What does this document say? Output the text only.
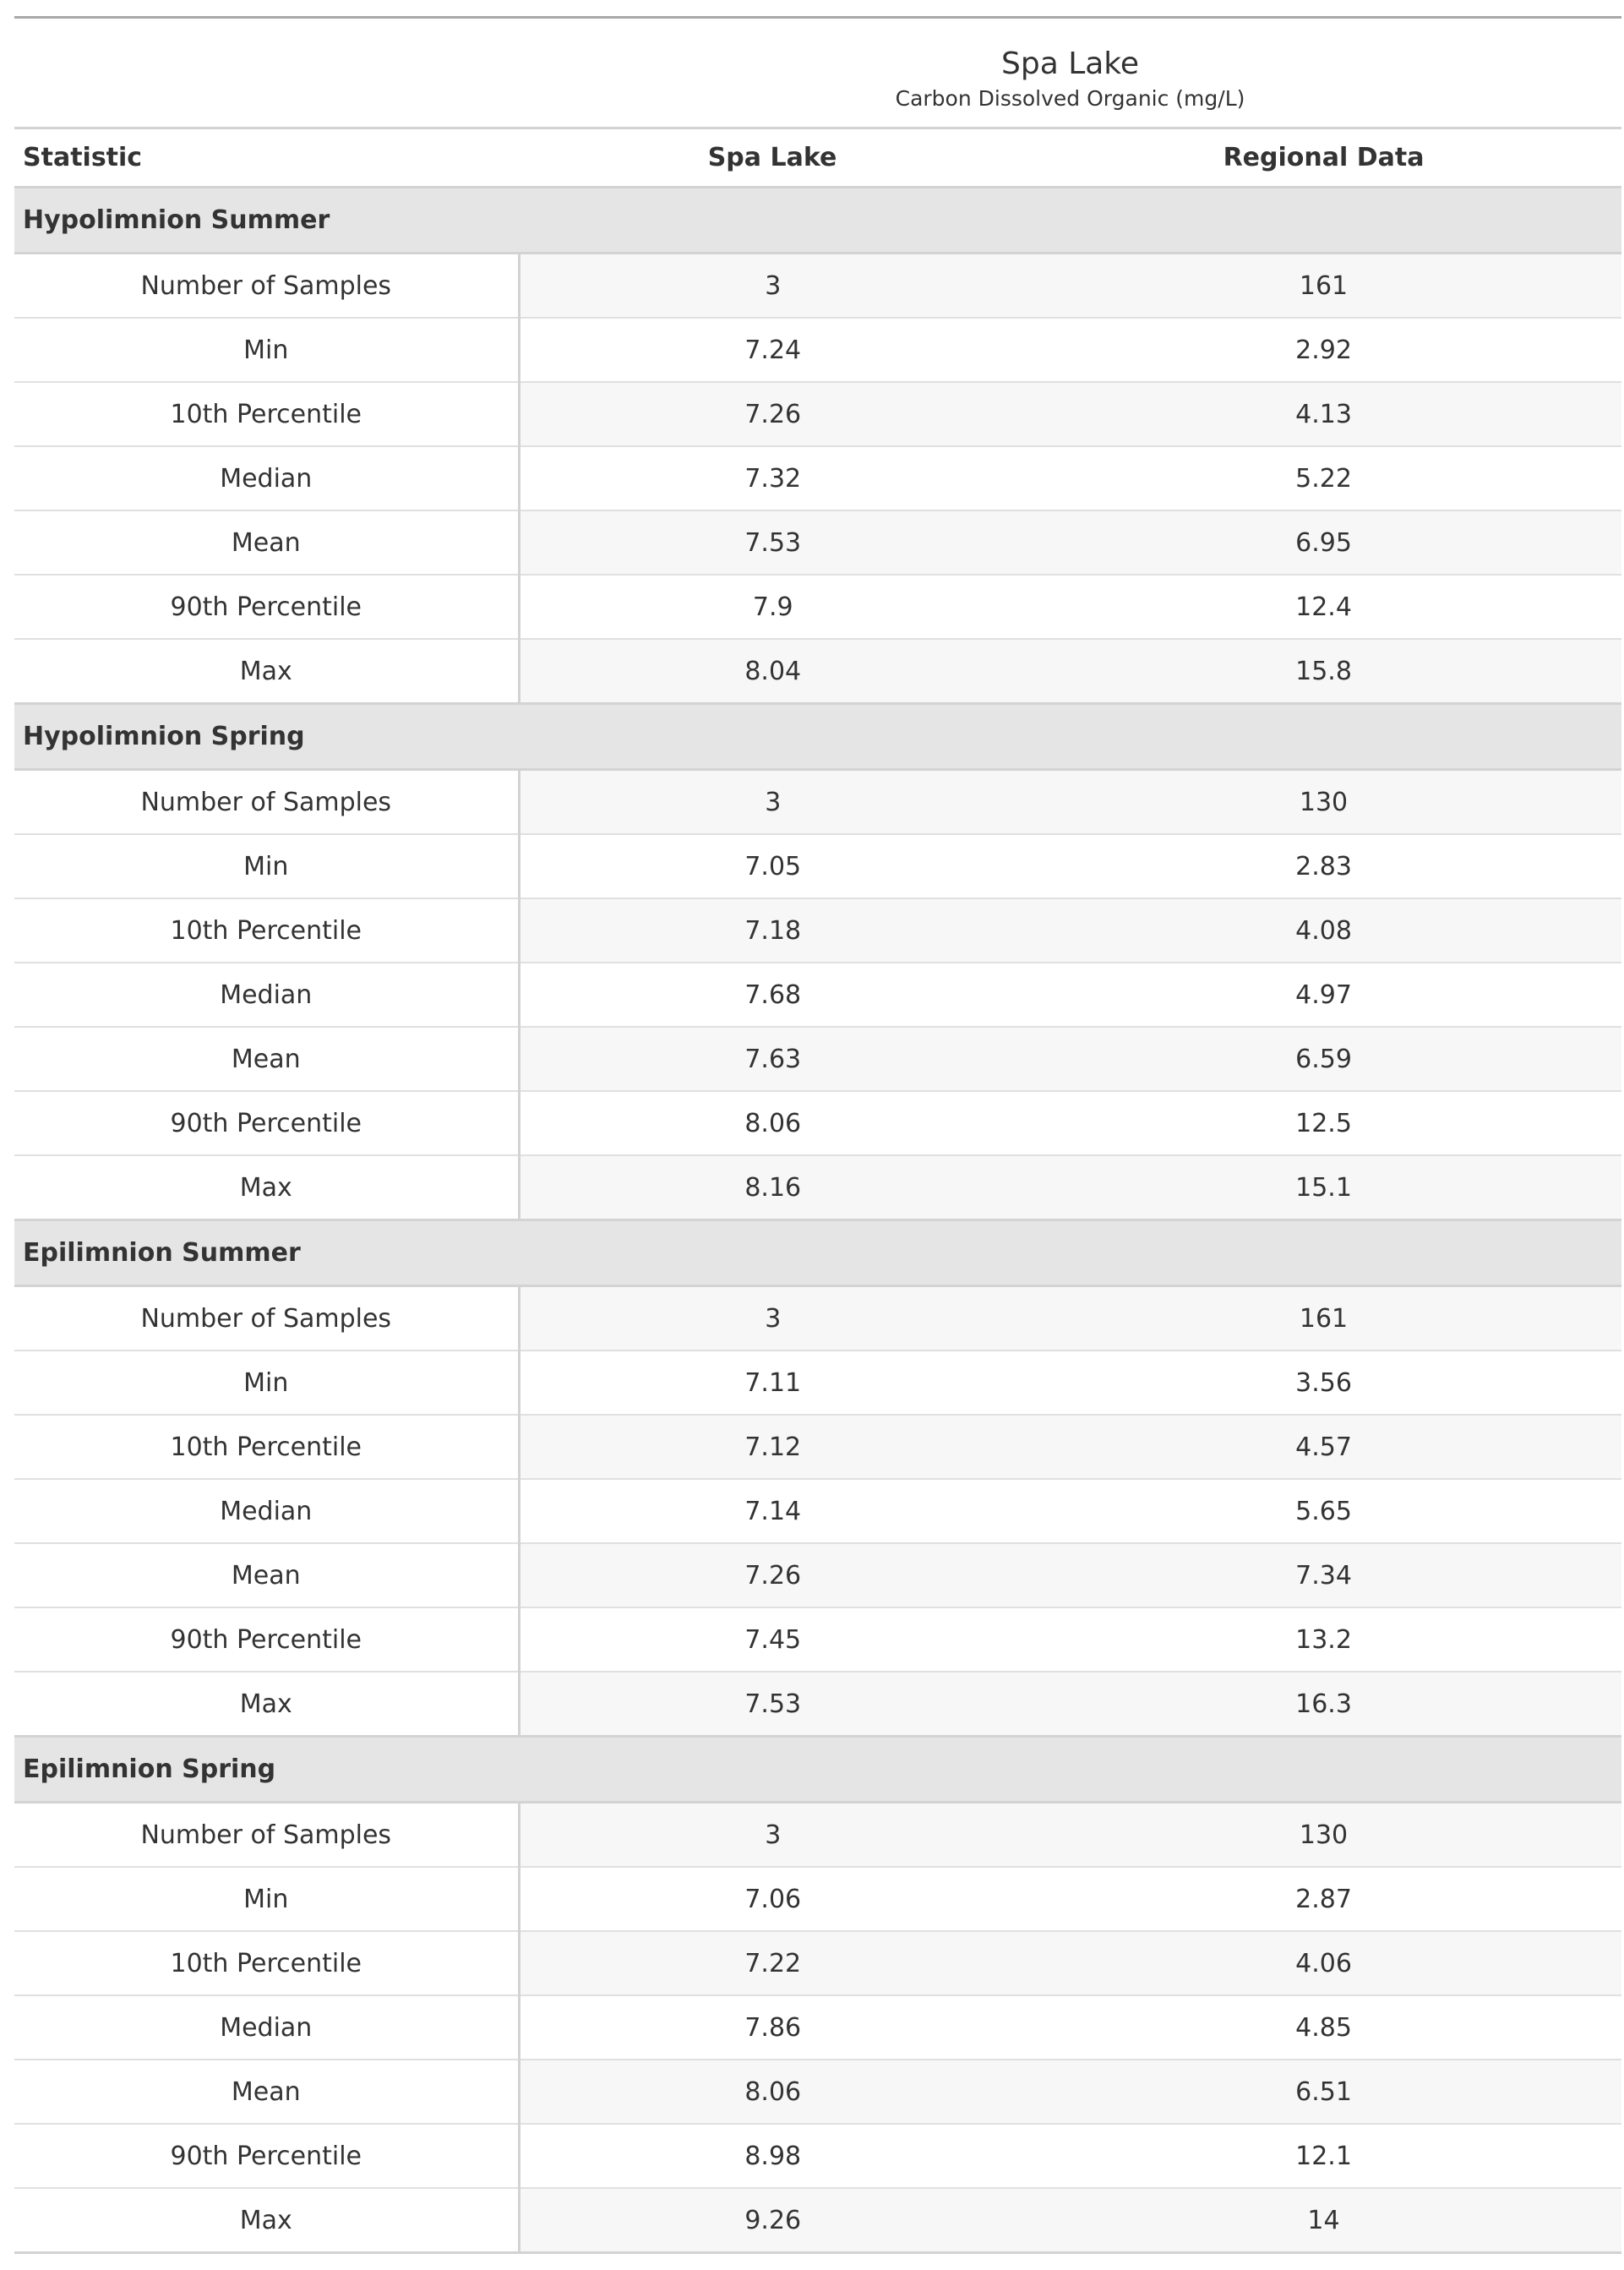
Spa Lake		

Carbon Dissolved Organic (mg/L)		

Statistic	Spa Lake	Regional Data
Hypolimnion Summer		
Number of Samples	3	161
Min	7.24	2.92
10th Percentile	7.26	4.13
Median	7.32	5.22
Mean	7.53	6.95
90th Percentile	7.9	12.4
Max	8.04	15.8
Hypolimnion Spring		
Number of Samples	3	130
Min	7.05	2.83
10th Percentile	7.18	4.08
Median	7.68	4.97
Mean	7.63	6.59
90th Percentile	8.06	12.5
Max	8.16	15.1
Epilimnion Summer		
Number of Samples	3	161
Min	7.11	3.56
10th Percentile	7.12	4.57
Median	7.14	5.65
Mean	7.26	7.34
90th Percentile	7.45	13.2
Max	7.53	16.3
Epilimnion Spring		
Number of Samples	3	130
Min	7.06	2.87
10th Percentile	7.22	4.06
Median	7.86	4.85
Mean	8.06	6.51
90th Percentile	8.98	12.1
Max	9.26	14
